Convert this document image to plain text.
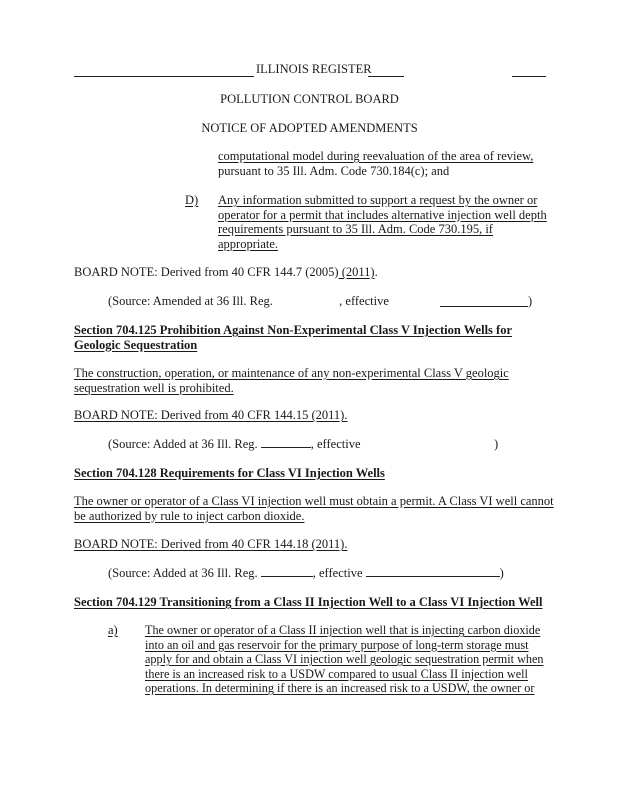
ILLINOIS REGISTER
POLLUTION CONTROL BOARD
NOTICE OF ADOPTED AMENDMENTS
computational model during reevaluation of the area of review,
pursuant to 35 Ill. Adm. Code 730.184(c); and
D) Any information submitted to support a request by the owner or
operator for a permit that includes alternative injection well depth
requirements pursuant to 35 Ill. Adm. Code 730.195, if
appropriate.
BOARD NOTE: Derived from 40 CFR 144.7 (2005) (2011).
(Source: Amended at 36 Ill. Reg.	, effective	)
Section 704.125 Prohibition Against Non-Experimental Class V Injection Wells for
Geologic Sequestration
The construction, operation, or maintenance of any non-experimental Class V geologic
sequestration well is prohibited.
BOARD NOTE: Derived from 40 CFR 144.15 (2011).
(Source: Added at 36 Ill. Reg.	, effective	)
Section 704.128 Requirements for Class VI Injection Wells
The owner or operator of a Class VI injection well must obtain a permit. A Class VI well cannot
be authorized by rule to inject carbon dioxide.
BOARD NOTE: Derived from 40 CFR 144.18 (2011).
(Source: Added at 36 Ill. Reg.	, effective	)
Section 704.129 Transitioning from a Class II Injection Well to a Class VI Injection Well
a) The owner or operator of a Class II injection well that is injecting carbon dioxide
into an oil and gas reservoir for the primary purpose of long-term storage must
apply for and obtain a Class VI injection well geologic sequestration permit when
there is an increased risk to a USDW compared to usual Class II injection well
operations. In determining if there is an increased risk to a USDW, the owner or
